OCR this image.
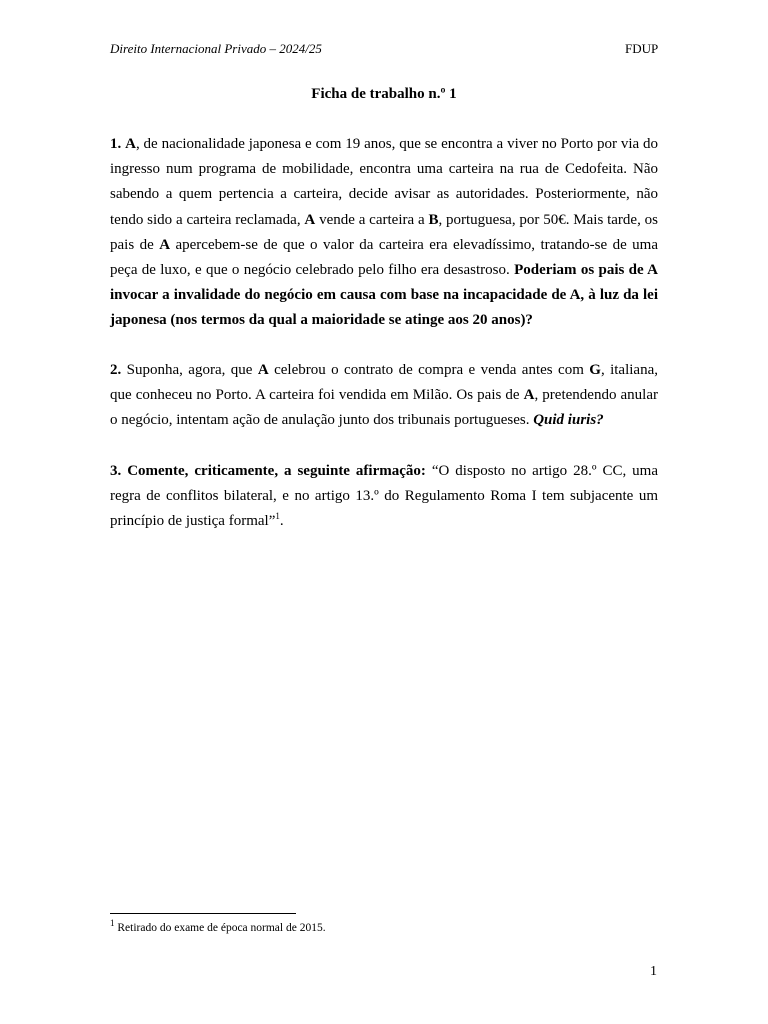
Direito Internacional Privado – 2024/25	FDUP
Ficha de trabalho n.º 1

1. A, de nacionalidade japonesa e com 19 anos, que se encontra a viver no Porto por via do ingresso num programa de mobilidade, encontra uma carteira na rua de Cedofeita. Não sabendo a quem pertencia a carteira, decide avisar as autoridades. Posteriormente, não tendo sido a carteira reclamada, A vende a carteira a B, portuguesa, por 50€. Mais tarde, os pais de A apercebem-se de que o valor da carteira era elevadíssimo, tratando-se de uma peça de luxo, e que o negócio celebrado pelo filho era desastroso. Poderiam os pais de A invocar a invalidade do negócio em causa com base na incapacidade de A, à luz da lei japonesa (nos termos da qual a maioridade se atinge aos 20 anos)?

2. Suponha, agora, que A celebrou o contrato de compra e venda antes com G, italiana, que conheceu no Porto. A carteira foi vendida em Milão. Os pais de A, pretendendo anular o negócio, intentam ação de anulação junto dos tribunais portugueses. Quid iuris?

3. Comente, criticamente, a seguinte afirmação: “O disposto no artigo 28.º CC, uma regra de conflitos bilateral, e no artigo 13.º do Regulamento Roma I tem subjacente um princípio de justiça formal”$^1$.

$^1$ Retirado do exame de época normal de 2015.
1
